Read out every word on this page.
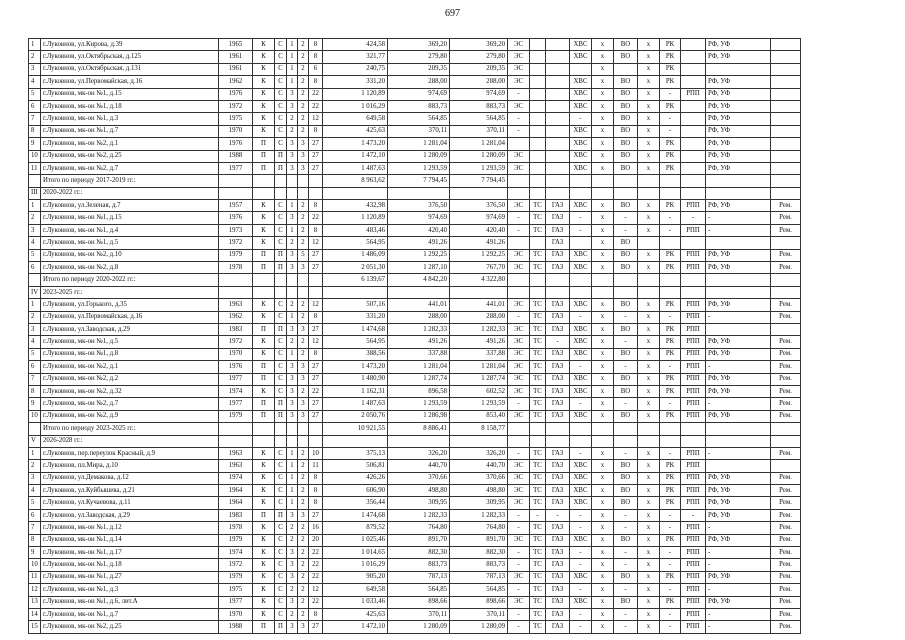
697
1	г.Луковнов, ул.Кирова, д.39	1965	К	С	1	2	8	424,58	369,20	369,20	ЭС			ХВС	х	ВО	х	РК		РФ, УФ	
2	г.Луковнов, ул.Октябрьская, д.125	1961	К	С	1	2	8	321,77	279,80	279,80	ЭС			ХВС	х	ВО	х	РК		РФ, УФ	
3	г.Луковнов, ул.Октябрьская, д.131	1961	К	С	1	2	6	240,75	209,35	209,35	ЭС				х		х	РК			
4	г.Луковнов, ул.Первомайская, д.16	1962	К	С	1	2	8	331,20	288,00	288,00	ЭС			ХВС	х	ВО	х	РК		РФ, УФ	
5	г.Луковнов, мк-он №1, д.15	1976	К	С	3	2	22	1 120,89	974,69	974,69	-			ХВС	х	ВО	х	-	РПП	РФ, УФ	
6	г.Луковнов, мк-он №1, д.18	1972	К	С	3	2	22	1 016,29	883,73	883,73	ЭС			ХВС	х	ВО	х	РК		РФ, УФ	
7	г.Луковнов, мк-он №1, д.3	1975	К	С	2	2	12	649,58	564,85	564,85	-			-	х	ВО	х	-		РФ, УФ	
8	г.Луковнов, мк-он №1, д.7	1970	К	С	2	2	8	425,63	370,11	370,11	-			ХВС	х	ВО	х	-		РФ, УФ	
9	г.Луковнов, мк-он №2, д.1	1976	П	С	3	3	27	1 473,20	1 281,04	1 281,04				ХВС	х	ВО	х	РК		РФ, УФ	
10	г.Луковнов, мк-он №2, д.25	1988	П	П	3	3	27	1 472,10	1 280,09	1 280,09	ЭС			ХВС	х	ВО	х	РК		РФ, УФ	
11	г.Луковнов, мк-он №2, д.7	1977	П	П	3	3	27	1 487,63	1 293,59	1 293,59	ЭС			ХВС	х	ВО	х	РК		РФ, УФ	
	Итого по периоду 2017-2019 гг.:							8 963,62	7 794,45	7 794,45											
III	2020-2022 гг.:																				
1	г.Луковнов, ул.Зеленая, д.7	1957	К	С	1	2	8	432,98	376,50	376,50	ЭС	ТС	ГАЗ	ХВС	х	ВО	х	РК	РПП	РФ, УФ	Рем.
2	г.Луковнов, мк-он №1, д.15	1976	К	С	3	2	22	1 120,89	974,69	974,69	-	ТС	ГАЗ	-	х	-	х	-	-	-	Рем.
3	г.Луковнов, мк-он №1, д.4	1973	К	С	1	2	8	483,46	420,40	420,40	-	ТС	ГАЗ	-	х	-	х	-	РПП	-	Рем.
4	г.Луковнов, мк-он №1, д.5	1972	К	С	2	2	12	564,95	491,26	491,26			ГАЗ		х	ВО					
5	г.Луковнов, мк-он №2, д.10	1979	П	П	3	5	27	1 486,09	1 292,25	1 292,25	ЭС	ТС	ГАЗ	ХВС	х	ВО	х	РК	РПП	РФ, УФ	Рем.
6	г.Луковнов, мк-он №2, д.8	1978	П	П	3	3	27	2 051,30	1 287,10	767,70	ЭС	ТС	ГАЗ	ХВС	х	ВО	х	РК	РПП	РФ, УФ	Рем.
	Итого по периоду 2020-2022 гг.:							6 139,67	4 842,20	4 322,80											
IV	2023-2025 гг.:																				
1	г.Луковнов, ул.Горького, д.35	1963	К	С	2	2	12	507,16	441,01	441,01	ЭС	ТС	ГАЗ	ХВС	х	ВО	х	РК	РПП	РФ, УФ	Рем.
2	г.Луковнов, ул.Первомайская, д.16	1962	К	С	1	2	8	331,20	288,00	288,00	-	ТС	ГАЗ	-	х	-	х	-	РПП	-	Рем.
3	г.Луковнов, ул.Заводская, д.29	1983	П	П	3	3	27	1 474,68	1 282,33	1 282,33	ЭС	ТС	ГАЗ	ХВС	х	ВО	х	РК	РПП		
4	г.Луковнов, мк-он №1, д.5	1972	К	С	2	2	12	564,95	491,26	491,26	ЭС	ТС	-	ХВС	х	-	х	РК	РПП	РФ, УФ	Рем.
5	г.Луковнов, мк-он №1, д.8	1970	К	С	1	2	8	388,56	337,88	337,88	ЭС	ТС	ГАЗ	ХВС	х	ВО	х	РК	РПП	РФ, УФ	Рем.
6	г.Луковнов, мк-он №2, д.1	1976	П	С	3	3	27	1 473,20	1 281,04	1 281,04	ЭС	ТС	ГАЗ	-	х	-	х	-	РПП	-	Рем.
7	г.Луковнов, мк-он №2, д.2	1977	П	С	3	3	27	1 480,90	1 287,74	1 287,74	ЭС	ТС	ГАЗ	ХВС	х	ВО	х	РК	РПП	РФ, УФ	Рем.
8	г.Луковнов, мк-он №2, д.32	1974	К	С	3	2	22	1 162,31	896,58	602,52	ЭС	ТС	ГАЗ	ХВС	х	ВО	х	РК	РПП	РФ, УФ	Рем.
9	г.Луковнов, мк-он №2, д.7	1977	П	П	3	3	27	1 487,63	1 293,59	1 293,59	-	ТС	ГАЗ	-	х	-	х	-	РПП	-	Рем.
10	г.Луковнов, мк-он №2, д.9	1979	П	П	3	3	27	2 050,76	1 286,98	853,40	ЭС	ТС	ГАЗ	ХВС	х	ВО	х	РК	РПП	РФ, УФ	Рем.
	Итого по периоду 2023-2025 гг.:							10 921,55	8 886,41	8 158,77											
V	2026-2028 гг.:																				
1	г.Луковнов, пер.переулок Красный, д.9	1963	К	С	1	2	10	375,13	326,20	326,20	-	ТС	ГАЗ	-	х	-	х	-	РПП	-	Рем.
2	г.Луковнов, пл.Мира, д.10	1963	К	С	1	2	11	506,81	440,70	440,70	ЭС	ТС	ГАЗ	ХВС	х	ВО	х	РК	РПП		
3	г.Луковнов, ул.Демакова, д.12	1974	К	С	1	2	8	426,26	370,66	370,66	ЭС	ТС	ГАЗ	ХВС	х	ВО	х	РК	РПП	РФ, УФ	Рем.
4	г.Луковнов, ул.Куйбышева, д.21	1964	К	С	1	2	8	606,90	498,80	498,80	ЭС	ТС	ГАЗ	ХВС	х	ВО	х	РК	РПП	РФ, УФ	Рем.
5	г.Луковнов, ул.Кучаевова, д.11	1964	К	С	1	2	8	356,44	309,95	309,95	ЭС	ТС	ГАЗ	ХВС	х	ВО	х	РК	РПП	РФ, УФ	Рем.
6	г.Луковнов, ул.Заводская, д.29	1983	П	П	3	3	27	1 474,68	1 282,33	1 282,33	-	-	-	-	х	-	х	-	-	РФ, УФ	Рем.
7	г.Луковнов, мк-он №1, д.12	1978	К	С	2	2	16	879,52	764,80	764,80	-	ТС	ГАЗ	-	х	-	х	-	РПП	-	Рем.
8	г.Луковнов, мк-он №1, д.14	1979	К	С	2	2	20	1 025,46	891,70	891,70	ЭС	ТС	ГАЗ	ХВС	х	ВО	х	РК	РПП	РФ, УФ	Рем.
9	г.Луковнов, мк-он №1, д.17	1974	К	С	3	2	22	1 014,65	882,30	882,30	-	ТС	ГАЗ	-	х	-	х	-	РПП	-	Рем.
10	г.Луковнов, мк-он №1, д.18	1972	К	С	3	2	22	1 016,29	883,73	883,73	-	ТС	ГАЗ	-	х	-	х	-	РПП	-	Рем.
11	г.Луковнов, мк-он №1, д.27	1979	К	С	3	2	22	905,20	787,13	787,13	ЭС	ТС	ГАЗ	ХВС	х	ВО	х	РК	РПП	РФ, УФ	Рем.
12	г.Луковнов, мк-он №1, д.3	1975	К	С	2	2	12	649,58	564,85	564,85	-	ТС	ГАЗ	-	х	-	х	-	РПП	-	Рем.
13	г.Луковнов, мк-он №1, д.6, лит.А	1977	К	С	3	2	22	1 033,46	898,66	898,66	ЭС	ТС	ГАЗ	ХВС	х	ВО	х	РК	РПП	РФ, УФ	Рем.
14	г.Луковнов, мк-он №1, д.7	1970	К	С	2	2	8	425,63	370,11	370,11	-	ТС	ГАЗ	-	х	-	х	-	РПП	-	Рем.
15	г.Луковнов, мк-он №2, д.25	1988	П	П	3	3	27	1 472,10	1 280,09	1 280,09	-	ТС	ГАЗ	-	х	-	х	-	РПП	-	Рем.
